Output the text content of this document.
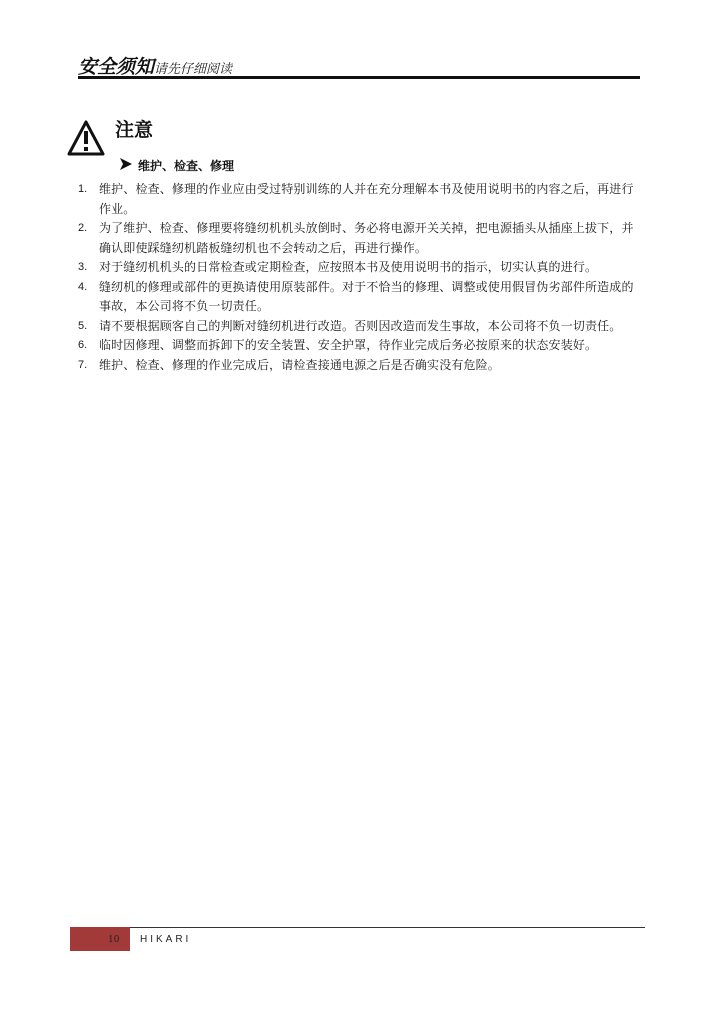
安全须知请先仔细阅读
注意
维护、检查、修理
1. 维护、检查、修理的作业应由受过特别训练的人并在充分理解本书及使用说明书的内容之后，再进行作业。
2. 为了维护、检查、修理要将缝纫机机头放倒时、务必将电源开关关掉，把电源插头从插座上拔下，并确认即使踩缝纫机踏板缝纫机也不会转动之后，再进行操作。
3. 对于缝纫机机头的日常检查或定期检查，应按照本书及使用说明书的指示，切实认真的进行。
4. 缝纫机的修理或部件的更换请使用原装部件。对于不恰当的修理、调整或使用假冒伪劣部件所造成的事故，本公司将不负一切责任。
5. 请不要根据顾客自己的判断对缝纫机进行改造。否则因改造而发生事故，本公司将不负一切责任。
6. 临时因修理、调整而拆卸下的安全装置、安全护罩，待作业完成后务必按原来的状态安装好。
7. 维护、检查、修理的作业完成后，请检查接通电源之后是否确实没有危险。
10 HIKARI
